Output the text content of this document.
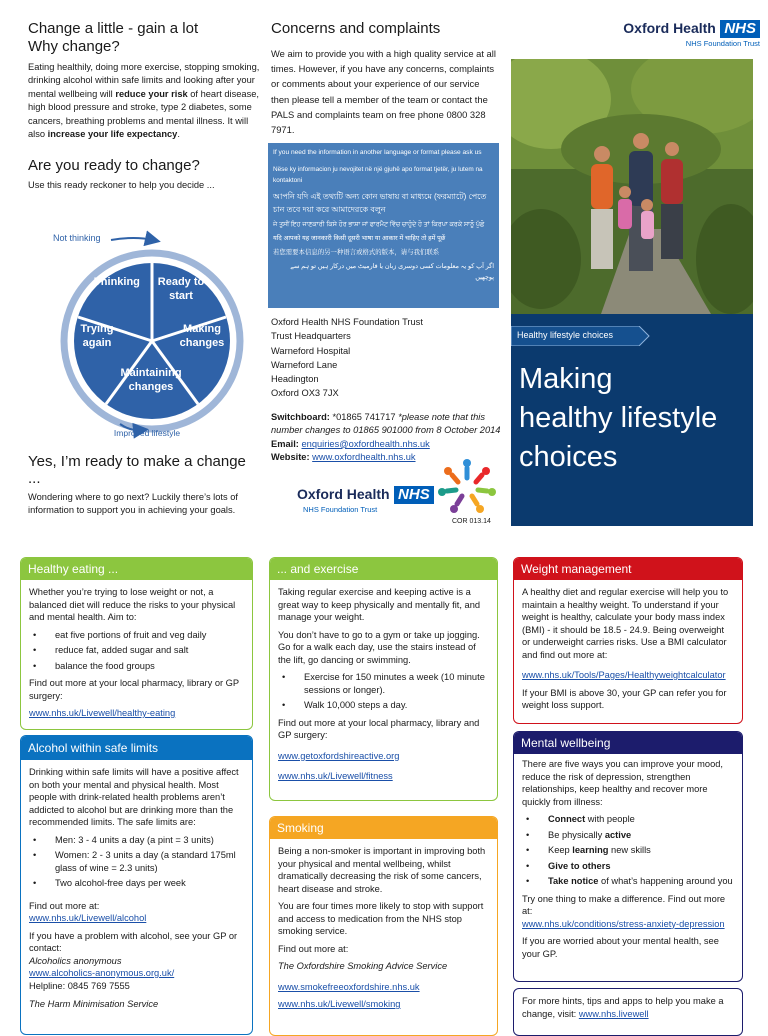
Change a little - gain a lot
Why change?
Eating healthily, doing more exercise, stopping smoking, drinking alcohol within safe limits and looking after your mental wellbeing will reduce your risk of heart disease, high blood pressure and stroke, type 2 diabetes, some cancers, breathing problems and mental illness. It will also increase your life expectancy.
Are you ready to change?
Use this ready reckoner to help you decide ...
Not thinking
Thinking Ready to
start
Making
changes
Maintaining
changes
Trying
again
Improved lifestyle
Yes, I’m ready to make a change ...
Wondering where to go next? Luckily there’s lots of information to support you in achieving your goals.
Concerns and complaints
We aim to provide you with a high quality service at all times. However, if you have any concerns, complaints or comments about your experience of our service then please tell a member of the team or contact the PALS and complaints team on free phone 0800 328 7971.
If you need the information in another language or format please ask us
Nëse ky informacion ju nevojitet në një gjuhë apo format tjetër, ju lutem na kontaktoni
আপনি যদি এই তথ্যটি অন্য কোন ভাষায় বা মাধ্যমে (ফরম্যাটে) পেতে চান তবে দয়া করে আমাদেরকে বলুন
ਜੇ ਤੁਸੀਂ ਇਹ ਜਾਣਕਾਰੀ ਕਿਸੇ ਹੋਰ ਭਾਸ਼ਾ ਜਾਂ ਫਾਰਮੈਟ ਵਿੱਚ ਚਾਹੁੰਦੇ ਹੋ ਤਾਂ ਕਿਰਪਾ ਕਰਕੇ ਸਾਨੂੰ ਪੁੱਛੋ
यदि आपको यह जानकारी किसी दूसरी भाषा या आकार में चाहिए तो हमें पूछें
若您需要本信息的另一种语言或格式的版本，请与我们联系
اگر آپ کو یہ معلومات کسی دوسری زبان یا فارمیٹ میں درکار ہیں تو ہم سے پوچھیں
Oxford Health NHS Foundation Trust
Trust Headquarters
Warneford Hospital
Warneford Lane
Headington
Oxford OX3 7JX
Switchboard: *01865 741717 *please note that this number changes to 01865 901000 from 8 October 2014
Email: enquiries@oxfordhealth.nhs.uk
Website: www.oxfordhealth.nhs.uk
Oxford Health NHS
NHS Foundation Trust
COR 013.14
Oxford Health NHS
NHS Foundation Trust
Healthy lifestyle choices
Making
healthy lifestyle
choices
Healthy eating ...

Whether you’re trying to lose weight or not, a balanced diet will reduce the risks to your physical and mental health. Aim to:

• eat five portions of fruit and veg daily
• reduce fat, added sugar and salt
• balance the food groups

Find out more at your local pharmacy, library or GP surgery:

www.nhs.uk/Livewell/healthy-eating

Alcohol within safe limits

Drinking within safe limits will have a positive affect on both your mental and physical health. Most people with drink-related health problems aren’t addicted to alcohol but are drinking more than the recommended limits. The safe limits are:

• Men: 3 - 4 units a day (a pint = 3 units)
• Women: 2 - 3 units a day (a standard 175ml glass of wine = 2.3 units)
• Two alcohol-free days per week

Find out more at:

www.nhs.uk/Livewell/alcohol

If you have a problem with alcohol, see your GP or contact:

Alcoholics anonymous

www.alcoholics-anonymous.org.uk/

Helpline: 0845 769 7555

The Harm Minimisation Service

... and exercise

Taking regular exercise and keeping active is a great way to keep physically and mentally fit, and manage your weight.

You don’t have to go to a gym or take up jogging. Go for a walk each day, use the stairs instead of the lift, go dancing or swimming.

• Exercise for 150 minutes a week (10 minute sessions or longer).
• Walk 10,000 steps a day.

Find out more at your local pharmacy, library and GP surgery:

www.getoxfordshireactive.org

www.nhs.uk/Livewell/fitness

Smoking

Being a non-smoker is important in improving both your physical and mental wellbeing, whilst dramatically decreasing the risk of some cancers, heart disease and stroke.

You are four times more likely to stop with support and access to medication from the NHS stop smoking service.

Find out more at:

The Oxfordshire Smoking Advice Service

www.smokefreeoxfordshire.nhs.uk

www.nhs.uk/Livewell/smoking

Weight management

A healthy diet and regular exercise will help you to maintain a healthy weight. To understand if your weight is healthy, calculate your body mass index (BMI) - it should be 18.5 - 24.9. Being overweight or underweight carries risks. Use a BMI calculator and find out more at:

www.nhs.uk/Tools/Pages/Healthyweightcalculator

If your BMI is above 30, your GP can refer you for weight loss support.

Mental wellbeing

There are five ways you can improve your mood, reduce the risk of depression, strengthen relationships, keep healthy and recover more quickly from illness:

• Connect with people
• Be physically active
• Keep learning new skills
• Give to others
• Take notice of what’s happening around you

Try one thing to make a difference. Find out more at:

www.nhs.uk/conditions/stress-anxiety-depression

If you are worried about your mental health, see your GP.

For more hints, tips and apps to help you make a change, visit: www.nhs.livewell
